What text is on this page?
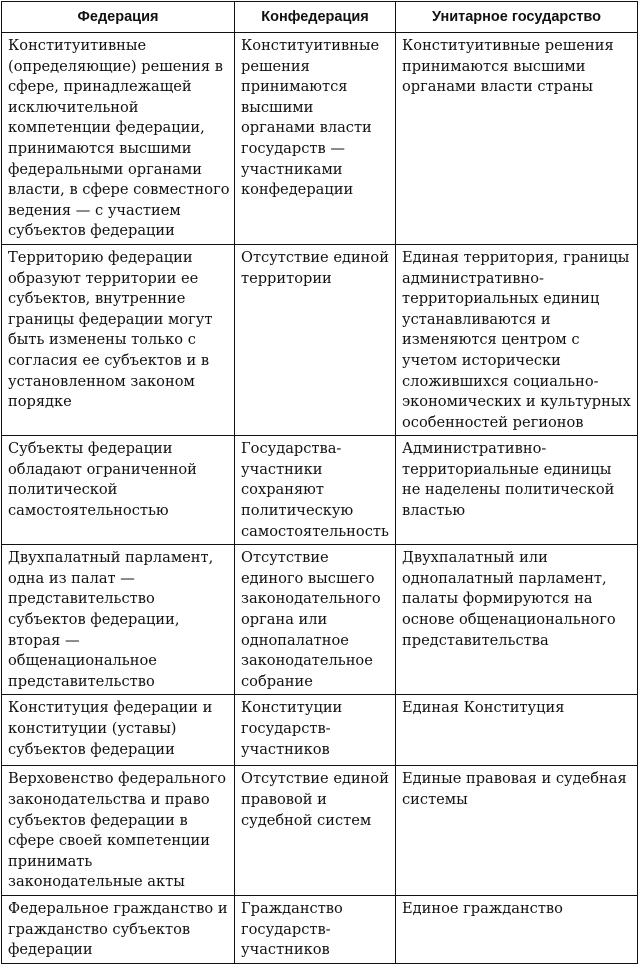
Федерация	Конфедерация	Унитарное государство
Конституитивные (определяющие) решения в сфере, принадлежащей исключительной компетенции федерации, принимаются высшими федеральными органами власти, в сфере совместного ведения — с участием субъектов федерации	Конституитивные решения принимаются высшими органами власти государств — участниками конфедерации	Конституитивные решения принимаются высшими органами власти страны
Территорию федерации образуют территории ее субъектов, внутренние границы федерации могут быть изменены только с согласия ее субъектов и в установленном законом порядке	Отсутствие единой территории	Единая территория, границы административно-территориальных единиц устанавливаются и изменяются центром с учетом исторически сложившихся социально-экономических и культурных особенностей регионов
Субъекты федерации обладают ограниченной политической самостоятельностью	Государства-участники сохраняют политическую самостоятельность	Административно-территориальные единицы не наделены политической властью
Двухпалатный парламент, одна из палат — представительство субъектов федерации, вторая — общенациональное представительство	Отсутствие единого высшего законодательного органа или однопалатное законодательное собрание	Двухпалатный или однопалатный парламент, палаты формируются на основе общенационального представительства
Конституция федерации и конституции (уставы) субъектов федерации	Конституции государств-участников	Единая Конституция
Верховенство федерального законодательства и право субъектов федерации в сфере своей компетенции принимать законодательные акты	Отсутствие единой правовой и судебной систем	Единые правовая и судебная системы
Федеральное гражданство и гражданство субъектов федерации	Гражданство государств-участников	Единое гражданство
